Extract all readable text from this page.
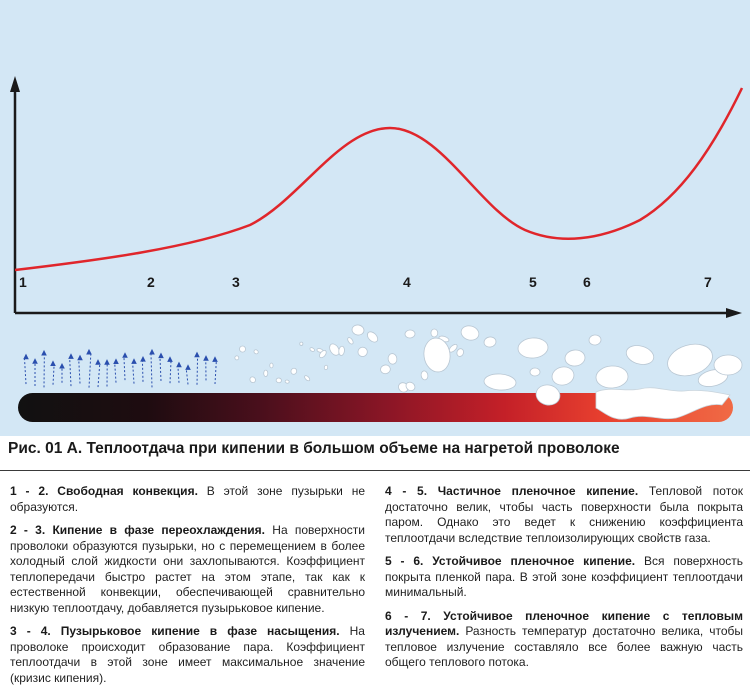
1	2	3	4	5	6	7
Рис. 01 А. Теплоотдача при кипении в большом объеме на нагретой проволоке

1 - 2. Свободная конвекция. В этой зоне пузырьки не образуются.

2 - 3. Кипение в фазе переохлаждения. На поверхности проволоки образуются пузырьки, но с перемещением в более холодный слой жидкости они захлопываются. Коэффициент теплопередачи быстро растет на этом этапе, так как к естественной конвекции, обеспечивающей сравнительно низкую теплоотдачу, добавляется пузырьковое кипение.

3 - 4. Пузырьковое кипение в фазе насыщения. На проволоке происходит образование пара. Коэффициент теплоотдачи в этой зоне имеет максимальное значение (кризис кипения).

4 - 5. Частичное пленочное кипение. Тепловой поток достаточно велик, чтобы часть поверхности была покрыта паром. Однако это ведет к снижению коэффициента теплоотдачи вследствие теплоизолирующих свойств газа.

5 - 6. Устойчивое пленочное кипение. Вся поверхность покрыта пленкой пара. В этой зоне коэффициент теплоотдачи минимальный.

6 - 7. Устойчивое пленочное кипение с тепловым излучением. Разность температур достаточно велика, чтобы тепловое излучение составляло все более важную часть общего теплового потока.
